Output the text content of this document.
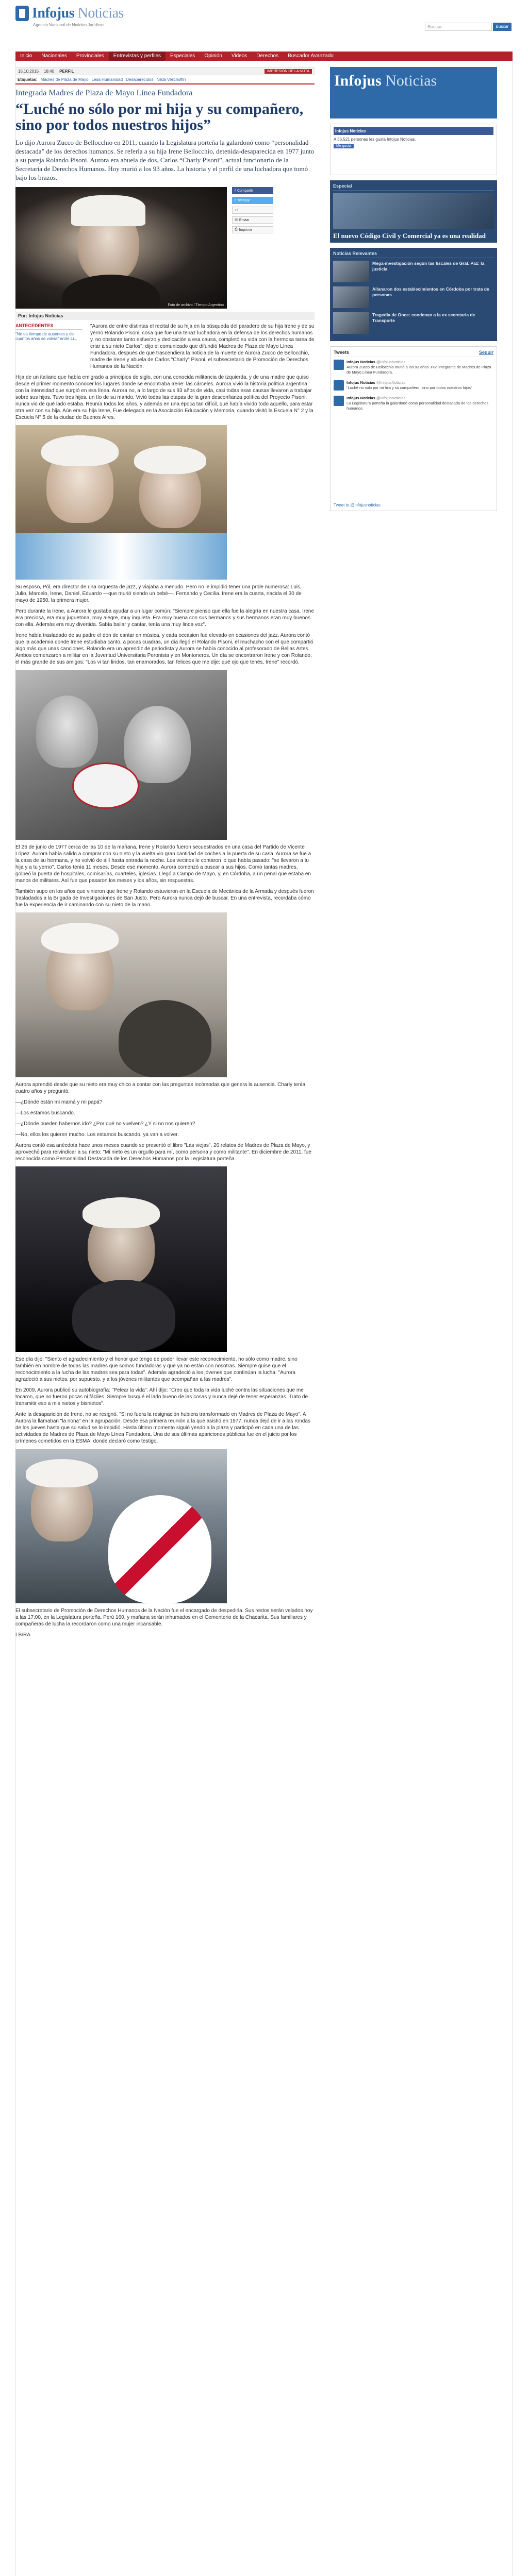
Infojus Noticias
Agencia Nacional de Noticias Jurídicas	Buscar	Buscar
Inicio	Nacionales	Provinciales	Entrevistas y perfiles	Especiales	Opinión	Videos	Derechos	Buscador Avanzado
15.10.2015 18:40 PERFIL	IMPRESIÓN DE LA NOTA
Etiquetas: Madres de Plaza de Mayo Lesa Humanidad Desaparecidos Nilda Velichoffin
Integrada Madres de Plaza de Mayo Línea Fundadora
“Luché no sólo por mi hija y su compañero, sino por todos nuestros hijos”

Lo dijo Aurora Zucco de Bellocchio en 2011, cuando la Legislatura porteña la galardonó como “personalidad destacada” de los derechos humanos. Se refería a su hija Irene Bellocchio, detenida-desaparecida en 1977 junto a su pareja Rolando Pisoni. Aurora era abuela de dos, Carlos “Charly Pisoni”, actual funcionario de la Secretaría de Derechos Humanos. Hoy murió a los 93 años. La historia y el perfil de una luchadora que tomó bajo los brazos.

Foto de archivo / Tiempo Argentino
f Compartir
t Twittear
+1
✉ Enviar
⎙ Imprimir
Por: Infojus Noticias
ANTECEDENTES
"No es tiempo de ausentes y de cuantos años se volvía" entre Li...

"Aurora de entre distintas el recital de su hija en la búsqueda del paradero de su hija Irene y de su yerno Rolando Pisoni, cosa que fue una tenaz luchadora en la defensa de los derechos humanos y, no obstante tanto esfuerzo y dedicación a esa causa, completó su vida con la hermosa tarea de criar a su nieto Carlos", dijo el comunicado que difundió Madres de Plaza de Mayo Línea Fundadora, después de que trascendiera la noticia de la muerte de Aurora Zucco de Bellocchio, madre de Irene y abuela de Carlos "Charly" Pisoni, el subsecretario de Promoción de Derechos Humanos de la Nación.

Hija de un italiano que había emigrado a principios de siglo, con una conocida militancia de izquierda, y de una madre que quiso desde el primer momento conocer los lugares donde se encontraba Irene: las cárceles. Aurora vivió la historia política argentina con la intensidad que surgió en esa línea. Aurora no, a lo largo de sus 93 años de vida, casi todas esas causas llevaron a trabajar sobre sus hijos. Tuvo tres hijos, un tío de su marido. Vivió todas las etapas de la gran desconfianza política del Proyecto Pisoni: nunca vio de qué lado estaba. Reunía todos los años, y además en una época tan difícil, que había vivido todo aquello, para estar otra vez con su hija. Aún era su hija Irene, Fue delegada en la Asociación Educación y Memoria, cuando visitó la Escuela N° 2 y la Escuela N° 5 de la ciudad de Buenos Aires.

Su esposo, Pól, era director de una orquesta de jazz, y viajaba a menudo. Pero no le impidió tener una prole numerosa: Luis, Julio, Marcelo, Irene, Daniel, Eduardo —que murió siendo un bebé—, Fernando y Cecilia. Irene era la cuarta, nacida el 30 de mayo de 1950, la primera mujer.

Pero durante la Irene, a Aurora le gustaba ayudar a un lugar común: "Siempre pienso que ella fue la alegría en nuestra casa. Irene era preciosa, era muy juguetona, muy alegre, muy inquieta. Era muy buena con sus hermanos y sus hermanos eran muy buenos con ella. Además era muy divertida. Sabía bailar y cantar, tenía una muy linda voz".

Irene había trasladado de su padre el don de cantar en música, y cada occasion fue elevado en ocasiones del jazz. Aurora contó que la academia donde Irene estudiaba canto, a pocas cuadras, un día llegó el Rolando Pisoni, el muchacho con el que compartió algo más que unas canciones. Rolando era un aprendiz de periodista y Aurora se había conocido al profesorado de Bellas Artes. Ambos comenzaron a militar en la Juventud Universitaria Peronista y en Montoneros. Un día se encontraron Irene y con Rolando, el más grande de sus amigos: "Los vi tan lindos, tan enamorados, tan felices que me dije: qué ojo que tenés, Irene" recordó.

El 26 de junio de 1977 cerca de las 10 de la mañana, Irene y Rolando fueron secuestrados en una casa del Partido de Vicente López. Aurora había salido a comprar con su nieto y la vuelta vio gran cantidad de coches a la puerta de su casa. Aurora se fue a la casa de su hermana, y no volvió de allí hasta entrada la noche. Los vecinos le contaron lo que había pasado: "se llevaron a tu hija y a tu yerno". Carlos tenía 11 meses. Desde ese momento, Aurora comenzó a buscar a sus hijos. Como tantas madres, golpeó la puerta de hospitales, comisarías, cuarteles, iglesias. Llegó a Campo de Mayo, y, en Córdoba, a un penal que estaba en manos de militares. Así fue que pasaron los meses y los años, sin respuestas.

También supo en los años que vinieron que Irene y Rolando estuvieron en la Escuela de Mecánica de la Armada y después fueron trasladados a la Brigada de Investigaciones de San Justo. Pero Aurora nunca dejó de buscar. En una entrevista, recordaba cómo fue la experiencia de ir caminando con su nieto de la mano.

Aurora aprendió desde que su nieto era muy chico a contar con las preguntas incómodas que genera la ausencia. Charly tenía cuatro años y preguntó:

—¿Dónde están mi mamá y mi papá?

—Los estamos buscando.

—¿Dónde pueden habernos ido? ¿Por qué no vuelven? ¿Y si no nos quieren?

—No, ellos los quieren mucho. Los estamos buscando, ya van a volver.

Aurora contó esa anécdota hace unos meses cuando se presentó el libro "Las viejas", 26 relatos de Madres de Plaza de Mayo, y aprovechó para reivindicar a su nieto: "Mi nieto es un orgullo para mí, como persona y como militante". En diciembre de 2011, fue reconocida como Personalidad Destacada de los Derechos Humanos por la Legislatura porteña.

Ese día dijo: "Siento el agradecimiento y el honor que tengo de poder llevar este reconocimiento, no sólo como madre, sino también en nombre de todas las madres que somos fundadoras y que ya no están con nosotras. Siempre quise que el reconocimiento a la lucha de las madres sea para todas". Además agradeció a los jóvenes que continúan la lucha: "Aurora agradeció a sus nietos, por supuesto, y a los jóvenes militantes que acompañan a las madres".

En 2009, Aurora publicó su autobiografía: "Pelear la vida". Ahí dijo: "Creo que toda la vida luché contra las situaciones que me tocaron, que no fueron pocas ni fáciles. Siempre busqué el lado bueno de las cosas y nunca dejé de tener esperanzas. Trato de transmitir eso a mis nietos y bisnietos".

Ante la desaparición de Irene, no se resignó. "Si no fuera la resignación hubiera transformado en Madres de Plaza de Mayo". A Aurora la llamaban "la nona" en la agrupación. Desde esa primera reunión a la que asistió en 1977, nunca dejó de ir a las rondas de los jueves hasta que su salud se lo impidió. Hasta último momento siguió yendo a la plaza y participó en cada una de las actividades de Madres de Plaza de Mayo Línea Fundadora. Una de sus últimas apariciones públicas fue en el juicio por los crímenes cometidos en la ESMA, donde declaró como testigo.

El subsecretario de Promoción de Derechos Humanos de la Nación fue el encargado de despedirla. Sus restos serán velados hoy a las 17:00, en la Legislatura porteña, Perú 160, y mañana serán inhumados en el Cementerio de la Chacarita. Sus familiares y compañeras de lucha la recordaron como una mujer incansable.

LB/RA

Infojus Noticias
Infojus Noticias
A 36.521 personas les gusta Infojus Noticias.
Me gusta
Especial
El nuevo Código Civil y Comercial ya es una realidad
Noticias Relevantes
Mega-investigación según las fiscales de Gral. Paz: la justicia
Allanaron dos establecimientos en Córdoba por trata de personas
Tragedia de Once: condenan a la ex secretaria de Transporte
Tweets	Seguir
Infojus Noticias @InfojusNoticias
Aurora Zucco de Bellocchio murió a los 93 años. Fue integrante de Madres de Plaza de Mayo Línea Fundadora.
Infojus Noticias @InfojusNoticias
“Luché no sólo por mi hija y su compañero, sino por todos nuestros hijos”
Infojus Noticias @InfojusNoticias
La Legislatura porteña la galardonó como personalidad destacada de los derechos humanos.
Tweet to @infojusnoticias
